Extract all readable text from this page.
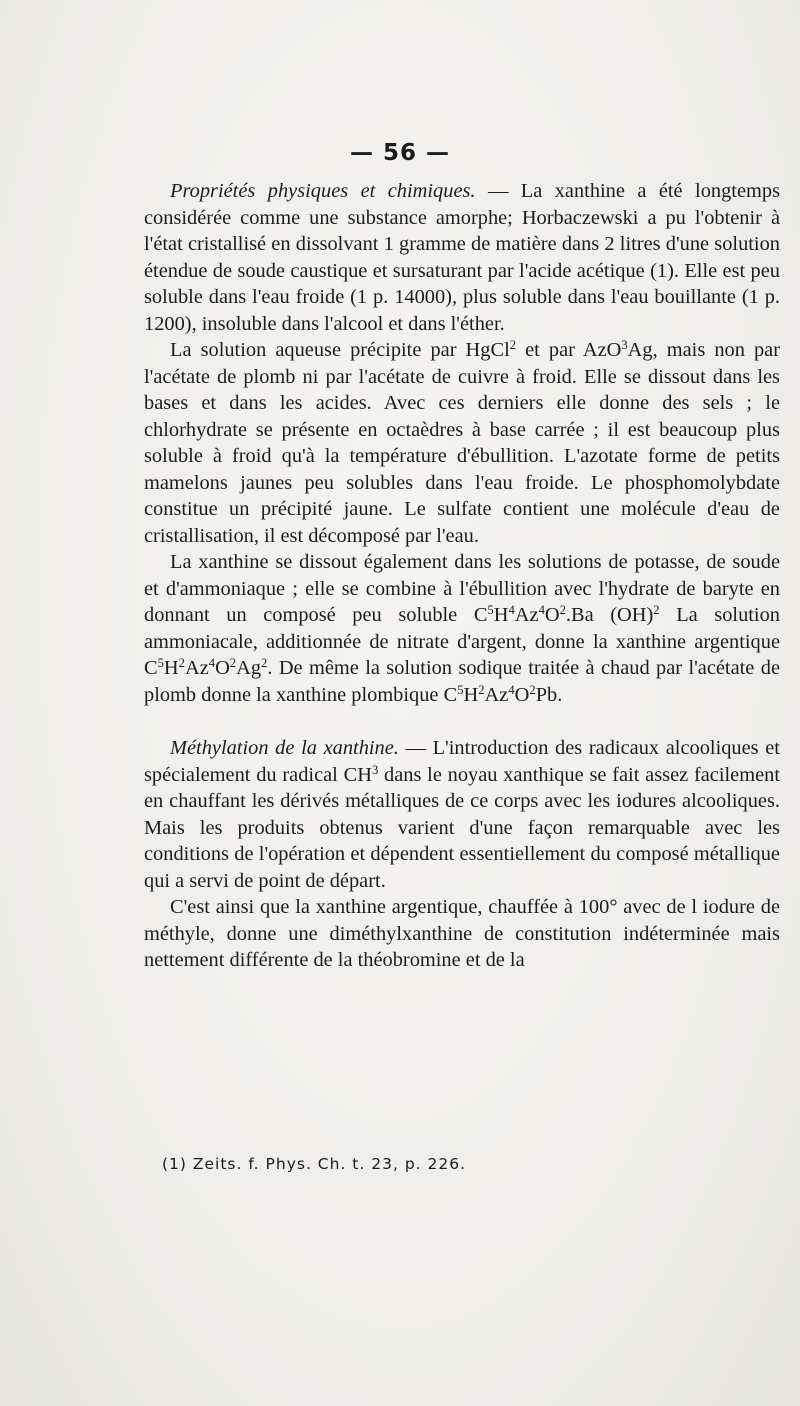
— 56 —

Propriétés physiques et chimiques. — La xanthine a été longtemps considérée comme une substance amorphe; Horbaczewski a pu l'obtenir à l'état cristallisé en dissolvant 1 gramme de matière dans 2 litres d'une solution étendue de soude caustique et sursaturant par l'acide acétique (1). Elle est peu soluble dans l'eau froide (1 p. 14000), plus soluble dans l'eau bouillante (1 p. 1200), insoluble dans l'alcool et dans l'éther.

La solution aqueuse précipite par HgCl$^2$ et par AzO$^3$Ag, mais non par l'acétate de plomb ni par l'acétate de cuivre à froid. Elle se dissout dans les bases et dans les acides. Avec ces derniers elle donne des sels ; le chlorhydrate se présente en octaèdres à base carrée ; il est beaucoup plus soluble à froid qu'à la température d'ébullition. L'azotate forme de petits mamelons jaunes peu solubles dans l'eau froide. Le phosphomolybdate constitue un précipité jaune. Le sulfate contient une molécule d'eau de cristallisation, il est décomposé par l'eau.

La xanthine se dissout également dans les solutions de potasse, de soude et d'ammoniaque ; elle se combine à l'ébullition avec l'hydrate de baryte en donnant un composé peu soluble $C^5H^4Az^4O^2.Ba$ (OH)$^2$ La solution ammoniacale, additionnée de nitrate d'argent, donne la xanthine argentique $C^5H^2Az^4O^2Ag^2$. De même la solution sodique traitée à chaud par l'acétate de plomb donne la xanthine plombique $C^5H^2Az^4O^2Pb$.

Méthylation de la xanthine. — L'introduction des radicaux alcooliques et spécialement du radical $CH^3$ dans le noyau xanthique se fait assez facilement en chauffant les dérivés métalliques de ce corps avec les iodures alcooliques. Mais les produits obtenus varient d'une façon remarquable avec les conditions de l'opération et dépendent essentiellement du composé métallique qui a servi de point de départ.

C'est ainsi que la xanthine argentique, chauffée à 100° avec de l iodure de méthyle, donne une diméthylxanthine de constitution indéterminée mais nettement différente de la théobromine et de la

(1) Zeits. f. Phys. Ch. t. 23, p. 226.
